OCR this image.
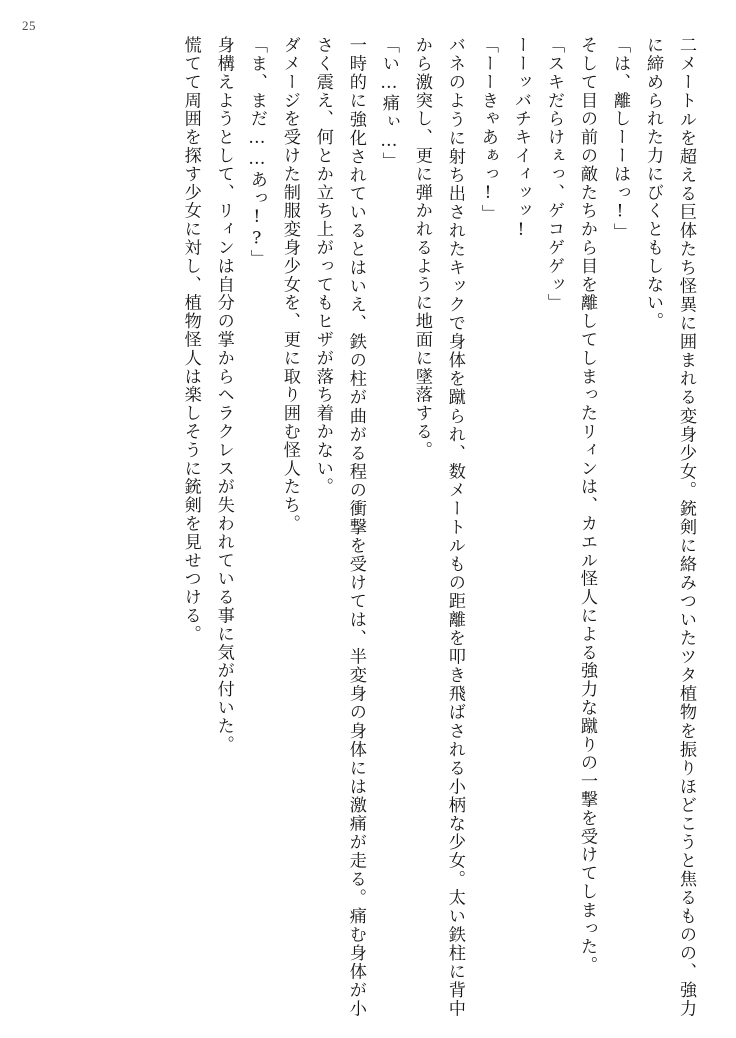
25

二メートルを超える巨体たち怪異に囲まれる変身少女。銃剣に絡みついたツタ植物を振りほどこうと焦るものの、強力に締められた力にびくともしない。

「は、離しーーはっ!」

そして目の前の敵たちから目を離してしまったリィンは、カエル怪人による強力な蹴りの一撃を受けてしまった。

「スキだらけぇっ、ゲコゲゲッ」

ーーッバチキイィッッ!

「ーーきゃあぁっ!」

バネのように射ち出されたキックで身体を蹴られ、数メートルもの距離を叩き飛ばされる小柄な少女。太い鉄柱に背中から激突し、更に弾かれるように地面に墜落する。

「い…痛ぃ…」

一時的に強化されているとはいえ、鉄の柱が曲がる程の衝撃を受けては、半変身の身体には激痛が走る。痛む身体が小さく震え、何とか立ち上がってもヒザが落ち着かない。

ダメージを受けた制服変身少女を、更に取り囲む怪人たち。

「ま、まだ……あっ!?」

身構えようとして、リィンは自分の掌からヘラクレスが失われている事に気が付いた。

慌てて周囲を探す少女に対し、植物怪人は楽しそうに銃剣を見せつける。
